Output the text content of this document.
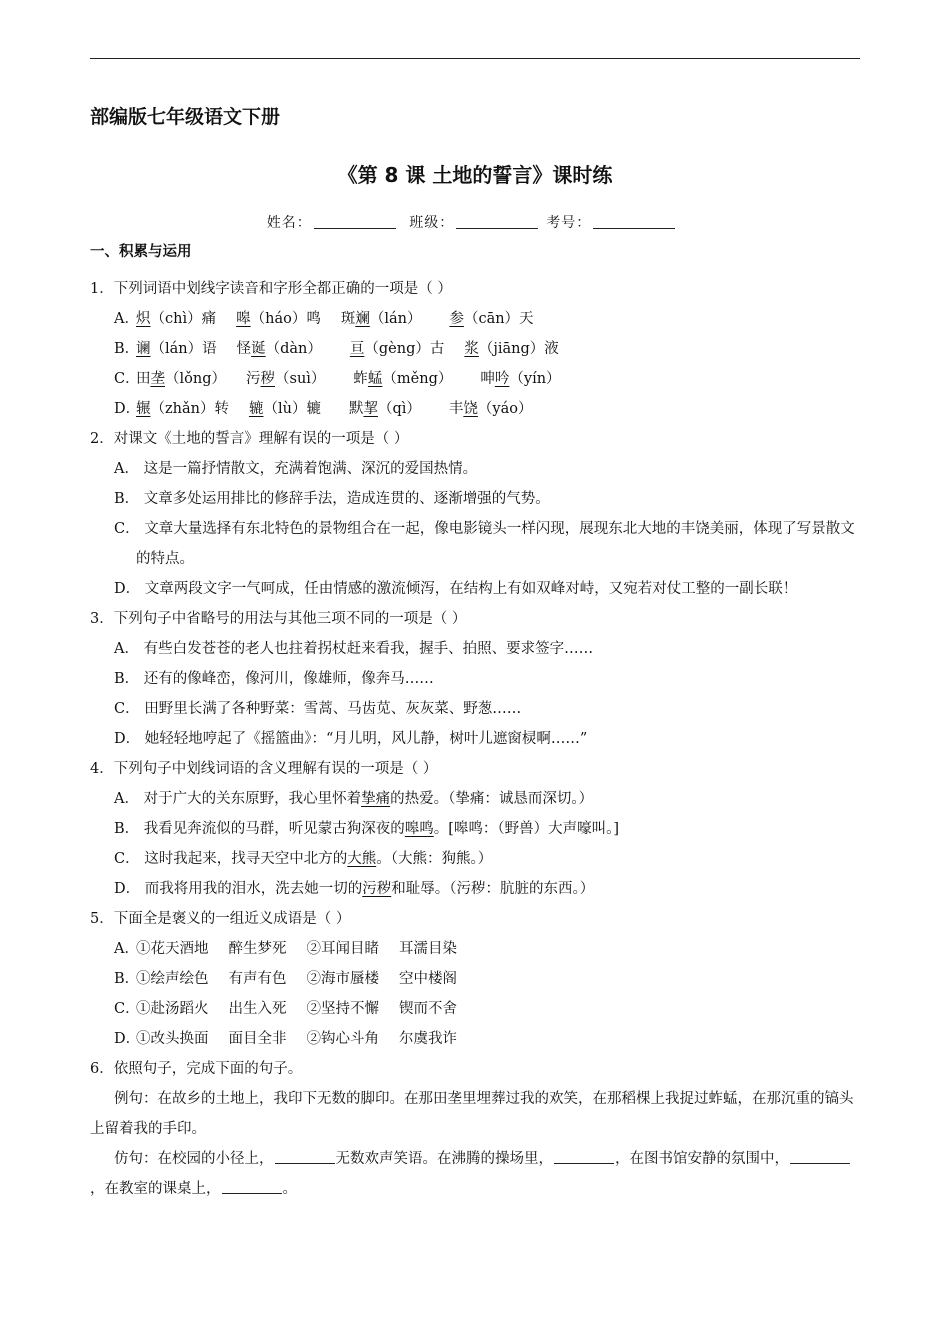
部编版七年级语文下册
《第 8 课 土地的誓言》课时练
姓名：	班级：	考号：
一、积累与运用

1．下列词语中划线字读音和字形全都正确的一项是（ ）

A．炽（chì）痛 嗥（háo）鸣 斑斓（lán） 参（cān）天

B．谰（lán）语 怪诞（dàn） 亘（gèng）古 浆（jiāng）液

C．田垄（lǒng） 污秽（suì） 蚱蜢（měng） 呻吟（yín）

D．辗（zhǎn）转 辘（lù）辘 默挈（qì） 丰饶（yáo）

2．对课文《土地的誓言》理解有误的一项是（ ）

A． 这是一篇抒情散文，充满着饱满、深沉的爱国热情。

B． 文章多处运用排比的修辞手法，造成连贯的、逐渐增强的气势。

C． 文章大量选择有东北特色的景物组合在一起，像电影镜头一样闪现，展现东北大地的丰饶美丽，体现了写景散文的特点。

D． 文章两段文字一气呵成，任由情感的激流倾泻，在结构上有如双峰对峙，又宛若对仗工整的一副长联！

3．下列句子中省略号的用法与其他三项不同的一项是（ ）

A． 有些白发苍苍的老人也拄着拐杖赶来看我，握手、拍照、要求签字……

B． 还有的像峰峦，像河川，像雄师，像奔马……

C． 田野里长满了各种野菜：雪蒿、马齿苋、灰灰菜、野葱……

D． 她轻轻地哼起了《摇篮曲》：“月儿明，风儿静，树叶儿遮窗棂啊……”

4．下列句子中划线词语的含义理解有误的一项是（ ）

A． 对于广大的关东原野，我心里怀着挚痛的热爱。（挚痛：诚恳而深切。）

B． 我看见奔流似的马群，听见蒙古狗深夜的嗥鸣。[嗥鸣：（野兽）大声嚎叫。]

C． 这时我起来，找寻天空中北方的大熊。（大熊：狗熊。）

D． 而我将用我的泪水，洗去她一切的污秽和耻辱。（污秽：肮脏的东西。）

5．下面全是褒义的一组近义成语是（ ）

A．①花天酒地 醉生梦死 ②耳闻目睹 耳濡目染

B．①绘声绘色 有声有色 ②海市蜃楼 空中楼阁

C．①赴汤蹈火 出生入死 ②坚持不懈 锲而不舍

D．①改头换面 面目全非 ②钩心斗角 尔虞我诈

6．依照句子，完成下面的句子。

例句：在故乡的土地上，我印下无数的脚印。在那田垄里埋葬过我的欢笑，在那稻棵上我捉过蚱蜢，在那沉重的镐头上留着我的手印。

仿句：在校园的小径上，	无数欢声笑语。在沸腾的操场里，	，在图书馆安静的氛围中，，在教室的课桌上，	。
